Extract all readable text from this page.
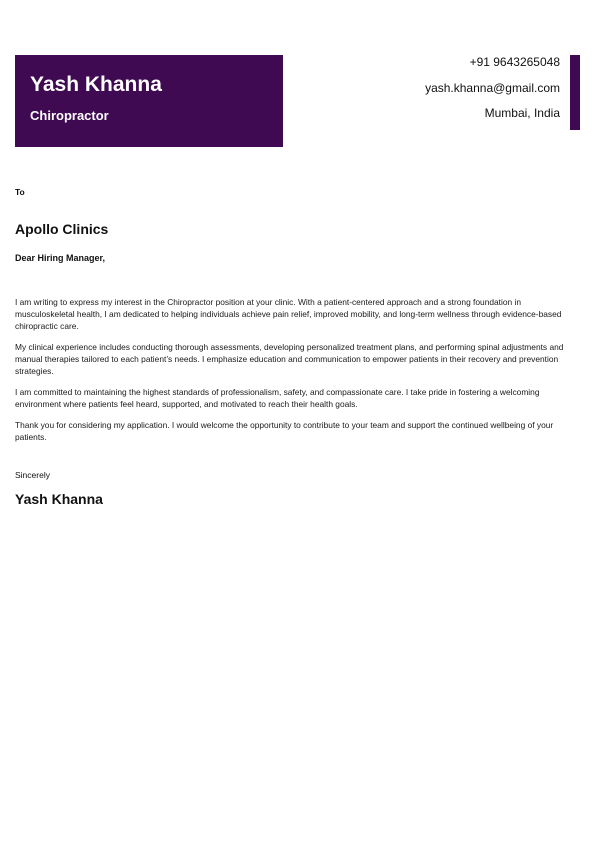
Yash Khanna
Chiropractor
+91 9643265048
yash.khanna@gmail.com
Mumbai, India
To
Apollo Clinics
Dear Hiring Manager,

I am writing to express my interest in the Chiropractor position at your clinic. With a patient-centered approach and a strong foundation in musculoskeletal health, I am dedicated to helping individuals achieve pain relief, improved mobility, and long-term wellness through evidence-based chiropractic care.

My clinical experience includes conducting thorough assessments, developing personalized treatment plans, and performing spinal adjustments and manual therapies tailored to each patient’s needs. I emphasize education and communication to empower patients in their recovery and prevention strategies.

I am committed to maintaining the highest standards of professionalism, safety, and compassionate care. I take pride in fostering a welcoming environment where patients feel heard, supported, and motivated to reach their health goals.

Thank you for considering my application. I would welcome the opportunity to contribute to your team and support the continued wellbeing of your patients.

Sincerely
Yash Khanna
